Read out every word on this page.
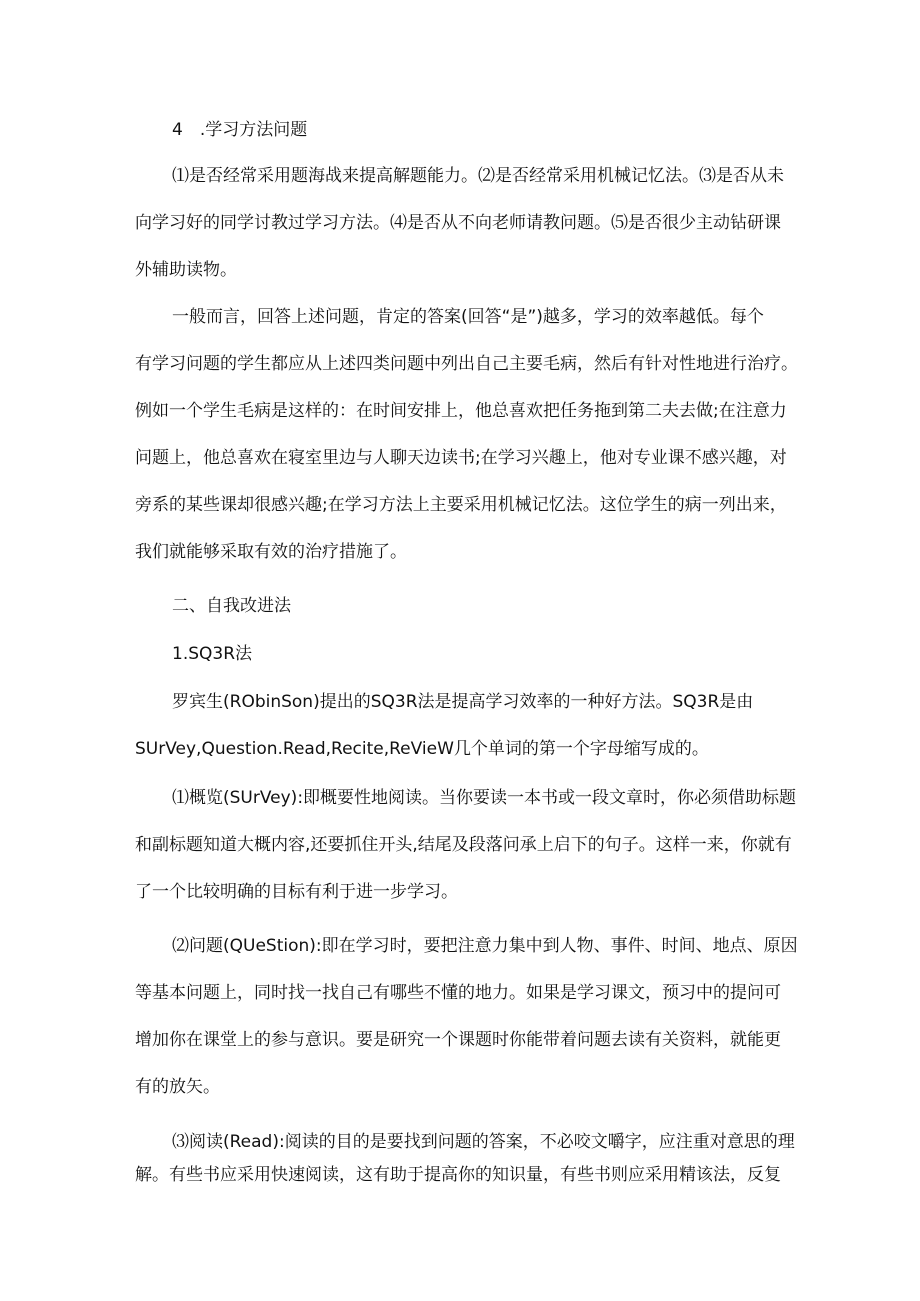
4　.学习方法问题
⑴是否经常采用题海战来提高解题能力。⑵是否经常采用机械记忆法。⑶是否从未
向学习好的同学讨教过学习方法。⑷是否从不向老师请教问题。⑸是否很少主动钻研课
外辅助读物。
一般而言，回答上述问题，肯定的答案(回答“是”)越多，学习的效率越低。每个
有学习问题的学生都应从上述四类问题中列出自己主要毛病，然后有针对性地进行治疗。
例如一个学生毛病是这样的：在时间安排上，他总喜欢把任务拖到第二夫去做;在注意力
问题上，他总喜欢在寝室里边与人聊天边读书;在学习兴趣上，他对专业课不感兴趣，对
旁系的某些课却很感兴趣;在学习方法上主要采用机械记忆法。这位学生的病一列出来，
我们就能够采取有效的治疗措施了。
二、自我改进法
1.SQ3R法
罗宾生(RObinSon)提出的SQ3R法是提高学习效率的一种好方法。SQ3R是由
SUrVey,Question.Read,Recite,ReVieW几个单词的第一个字母缩写成的。
⑴概览(SUrVey):即概要性地阅读。当你要读一本书或一段文章时，你必须借助标题
和副标题知道大概内容,还要抓住开头,结尾及段落问承上启下的句子。这样一来，你就有
了一个比较明确的目标有利于进一步学习。
⑵问题(QUeStion):即在学习时，要把注意力集中到人物、事件、时间、地点、原因
等基本问题上，同时找一找自己有哪些不懂的地力。如果是学习课文，预习中的提问可
增加你在课堂上的参与意识。要是研究一个课题时你能带着问题去读有关资料，就能更
有的放矢。
⑶阅读(Read):阅读的目的是要找到问题的答案，不必咬文嚼字，应注重对意思的理
解。有些书应采用快速阅读，这有助于提高你的知识量，有些书则应采用精该法，反复
